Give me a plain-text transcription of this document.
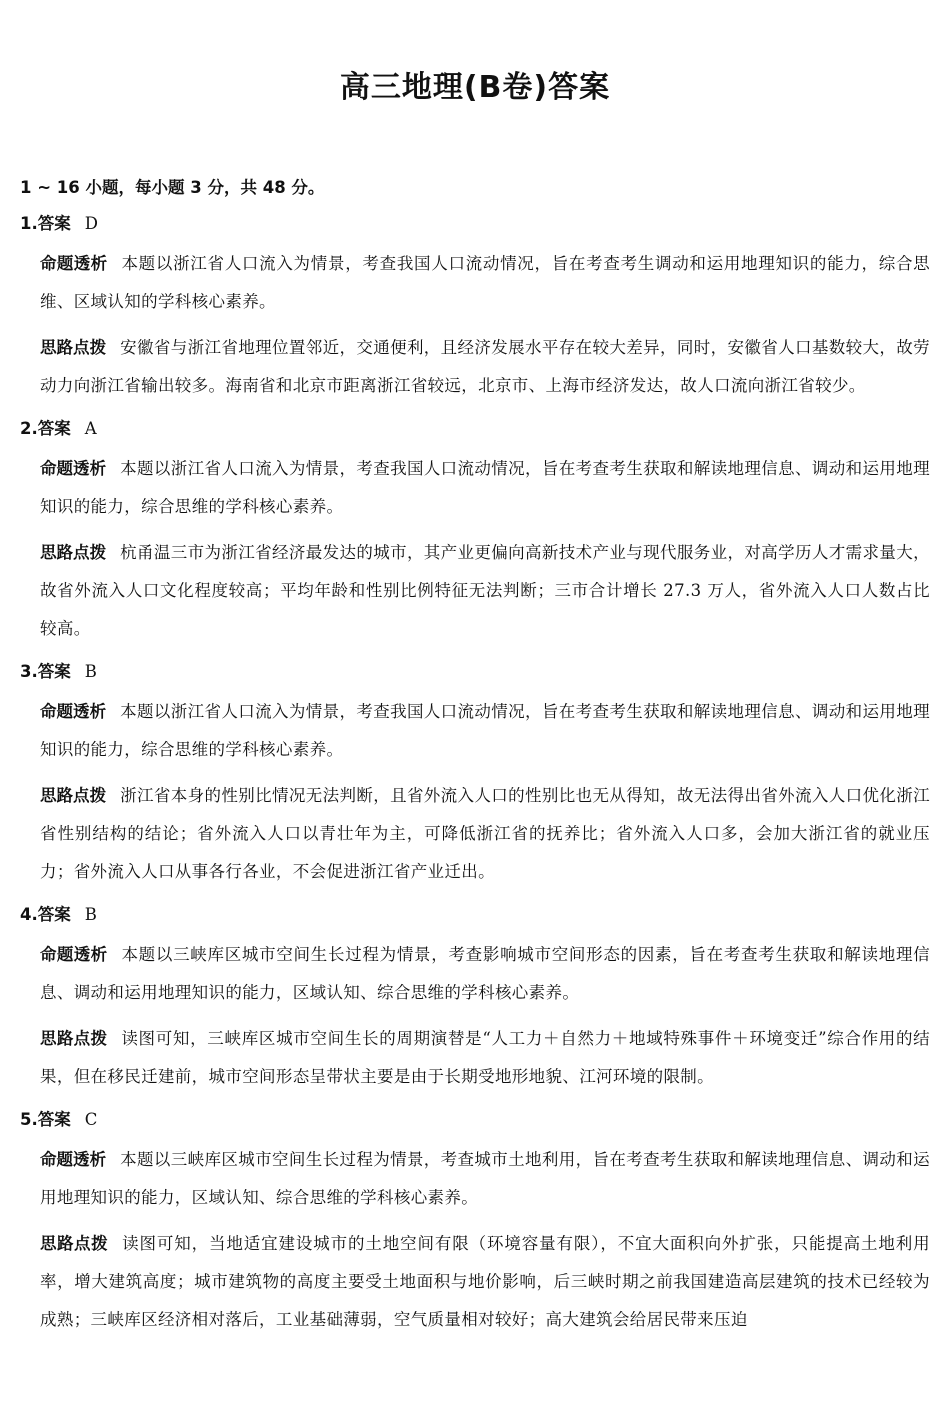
高三地理(B卷)答案
1 ~ 16 小题，每小题 3 分，共 48 分。
1.答案 D

命题透析 本题以浙江省人口流入为情景，考查我国人口流动情况，旨在考查考生调动和运用地理知识的能力，综合思维、区域认知的学科核心素养。

思路点拨 安徽省与浙江省地理位置邻近，交通便利，且经济发展水平存在较大差异，同时，安徽省人口基数较大，故劳动力向浙江省输出较多。海南省和北京市距离浙江省较远，北京市、上海市经济发达，故人口流向浙江省较少。

2.答案 A

命题透析 本题以浙江省人口流入为情景，考查我国人口流动情况，旨在考查考生获取和解读地理信息、调动和运用地理知识的能力，综合思维的学科核心素养。

思路点拨 杭甬温三市为浙江省经济最发达的城市，其产业更偏向高新技术产业与现代服务业，对高学历人才需求量大，故省外流入人口文化程度较高；平均年龄和性别比例特征无法判断；三市合计增长 27.3 万人，省外流入人口人数占比较高。

3.答案 B

命题透析 本题以浙江省人口流入为情景，考查我国人口流动情况，旨在考查考生获取和解读地理信息、调动和运用地理知识的能力，综合思维的学科核心素养。

思路点拨 浙江省本身的性别比情况无法判断，且省外流入人口的性别比也无从得知，故无法得出省外流入人口优化浙江省性别结构的结论；省外流入人口以青壮年为主，可降低浙江省的抚养比；省外流入人口多，会加大浙江省的就业压力；省外流入人口从事各行各业，不会促进浙江省产业迁出。

4.答案 B

命题透析 本题以三峡库区城市空间生长过程为情景，考查影响城市空间形态的因素，旨在考查考生获取和解读地理信息、调动和运用地理知识的能力，区域认知、综合思维的学科核心素养。

思路点拨 读图可知，三峡库区城市空间生长的周期演替是“人工力＋自然力＋地域特殊事件＋环境变迁”综合作用的结果，但在移民迁建前，城市空间形态呈带状主要是由于长期受地形地貌、江河环境的限制。

5.答案 C

命题透析 本题以三峡库区城市空间生长过程为情景，考查城市土地利用，旨在考查考生获取和解读地理信息、调动和运用地理知识的能力，区域认知、综合思维的学科核心素养。

思路点拨 读图可知，当地适宜建设城市的土地空间有限（环境容量有限），不宜大面积向外扩张，只能提高土地利用率，增大建筑高度；城市建筑物的高度主要受土地面积与地价影响，后三峡时期之前我国建造高层建筑的技术已经较为成熟；三峡库区经济相对落后，工业基础薄弱，空气质量相对较好；高大建筑会给居民带来压迫
